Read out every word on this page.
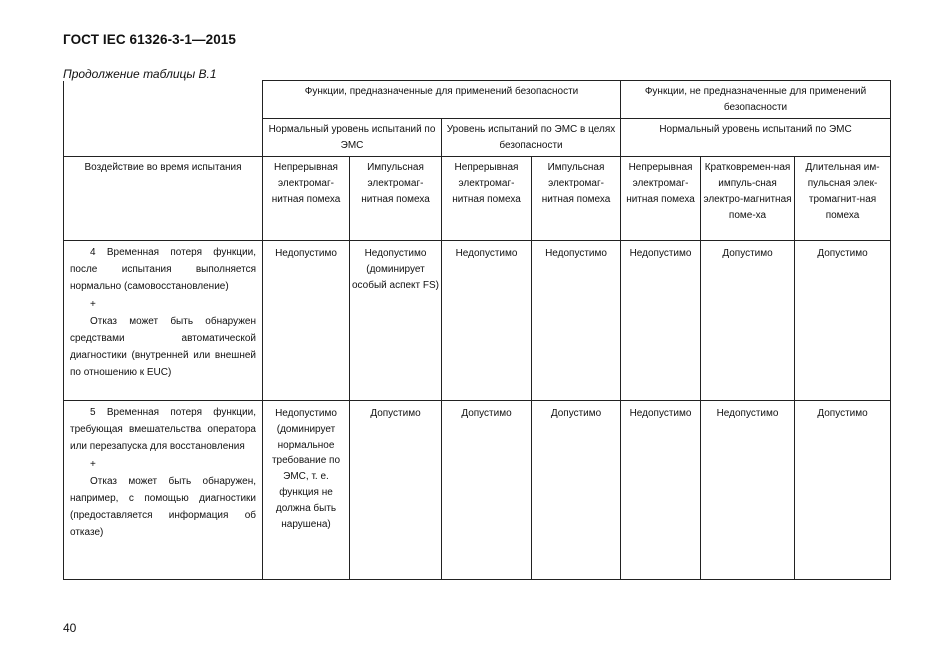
ГОСТ IEC 61326-3-1—2015
Продолжение таблицы В.1
	Функции, предназначенные для применений безопасности				Функции, не предназначенные для применений безопасности		
	Нормальный уровень испытаний по ЭМС		Уровень испытаний по ЭМС в целях безопасности		Нормальный уровень испытаний по ЭМС		
Воздействие во время испытания	Непрерывная электромаг-нитная помеха	Импульсная электромаг-нитная помеха	Непрерывная электромаг-нитная помеха	Импульсная электромаг-нитная помеха	Непрерывная электромаг-нитная помеха	Кратковремен-ная импуль-сная электро-магнитная поме-ха	Длительная им-пульсная элек-тромагнит-ная помеха

4 Временная потеря функции, после испытания выполняется нормально (самовосстановление)
+
Отказ может быть обнаружен средствами автоматической диагностики (внутренней или внешней по отношению к EUC)	Недопустимо	Недопустимо (доминирует особый аспект FS)	Недопустимо	Недопустимо	Недопустимо	Допустимо	Допустимо

5 Временная потеря функции, требующая вмешательства оператора или перезапуска для восстановления
+
Отказ может быть обнаружен, например, с помощью диагностики (предоставляется информация об отказе)	Недопустимо (доминирует нормальное требование по ЭМС, т. е. функция не должна быть нарушена)	Допустимо	Допустимо	Допустимо	Недопустимо	Недопустимо	Допустимо
40
